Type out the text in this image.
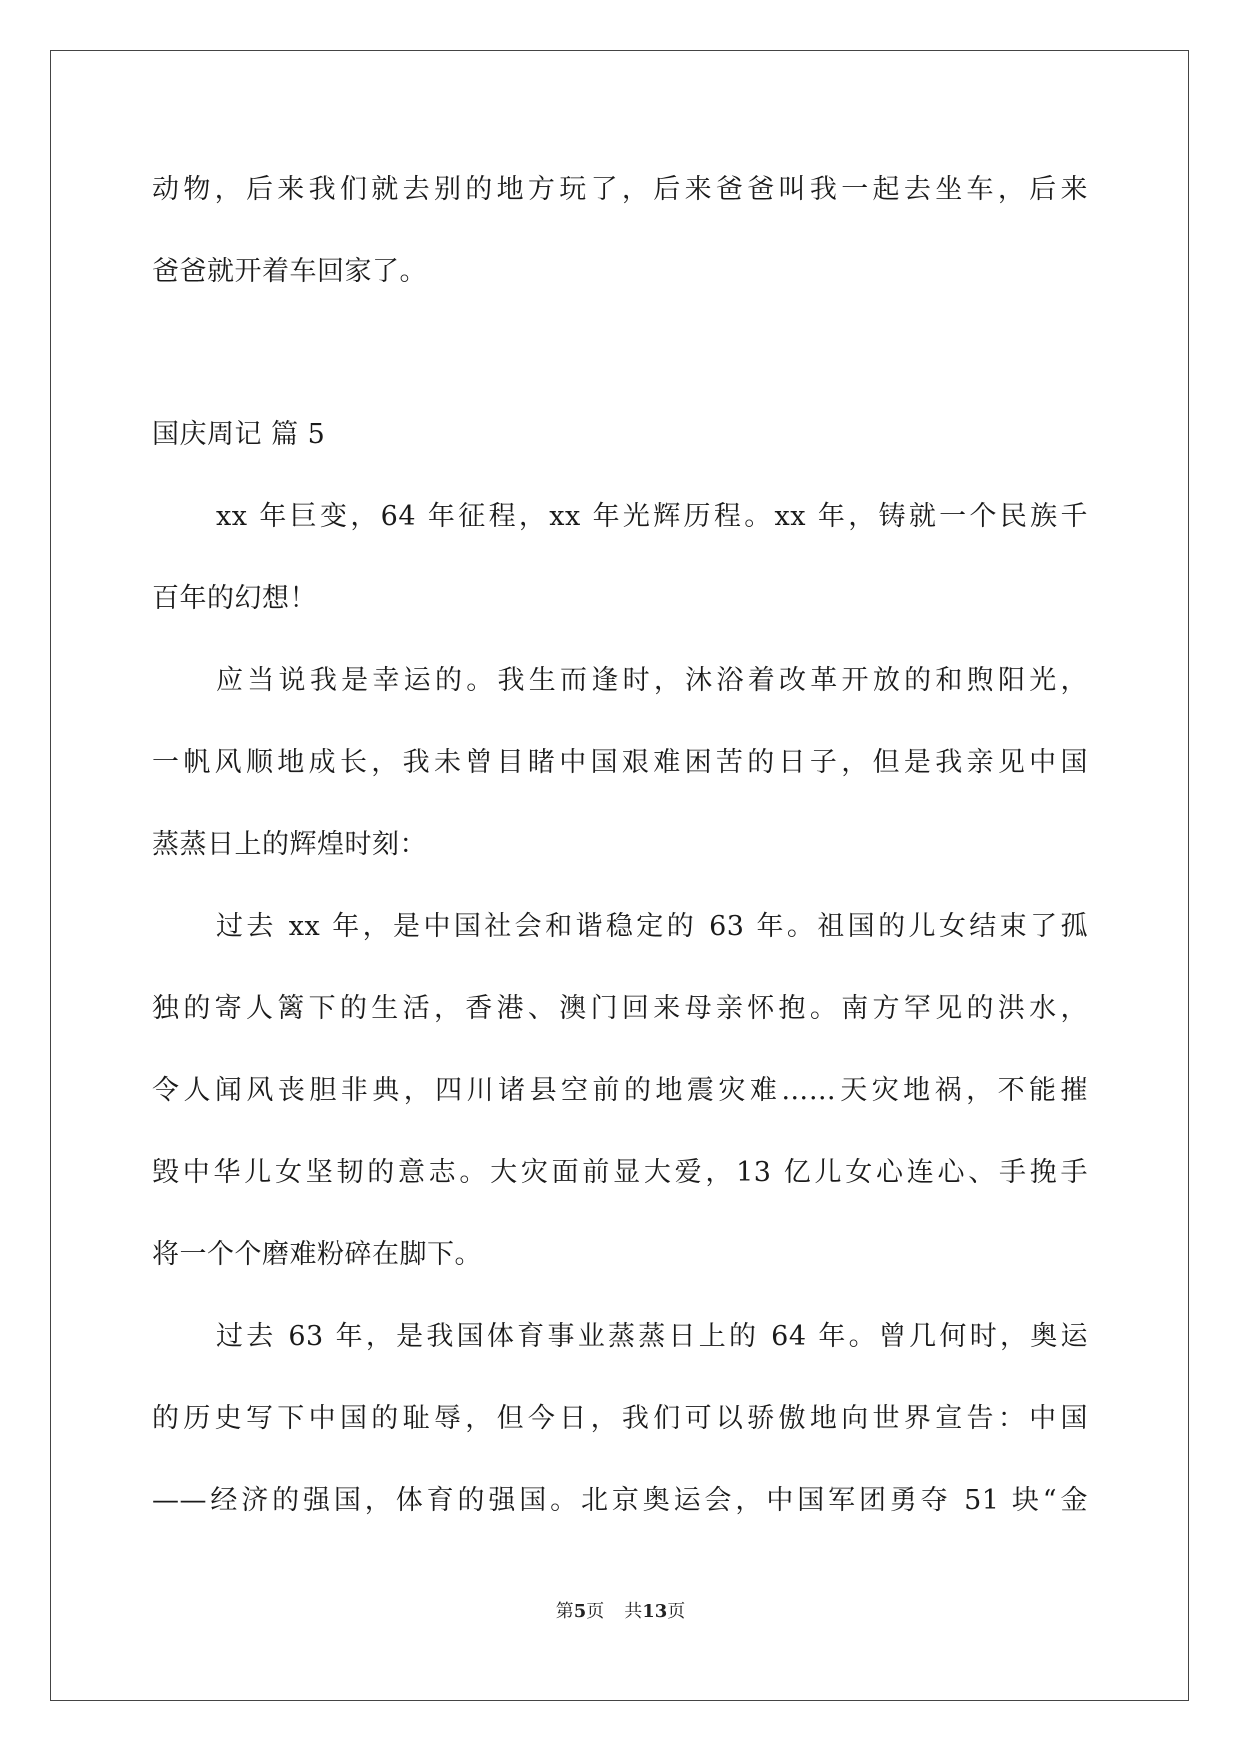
动物，后来我们就去别的地方玩了，后来爸爸叫我一起去坐车，后来
爸爸就开着车回家了。
国庆周记 篇 5
xx 年巨变，64 年征程，xx 年光辉历程。xx 年，铸就一个民族千
百年的幻想！
应当说我是幸运的。我生而逢时，沐浴着改革开放的和煦阳光，
一帆风顺地成长，我未曾目睹中国艰难困苦的日子，但是我亲见中国
蒸蒸日上的辉煌时刻：
过去 xx 年，是中国社会和谐稳定的 63 年。祖国的儿女结束了孤
独的寄人篱下的生活，香港、澳门回来母亲怀抱。南方罕见的洪水，
令人闻风丧胆非典，四川诸县空前的地震灾难……天灾地祸，不能摧
毁中华儿女坚韧的意志。大灾面前显大爱，13 亿儿女心连心、手挽手
将一个个磨难粉碎在脚下。
过去 63 年，是我国体育事业蒸蒸日上的 64 年。曾几何时，奥运
的历史写下中国的耻辱，但今日，我们可以骄傲地向世界宣告：中国
——经济的强国，体育的强国。北京奥运会，中国军团勇夺 51 块“金
第5页 共13页
